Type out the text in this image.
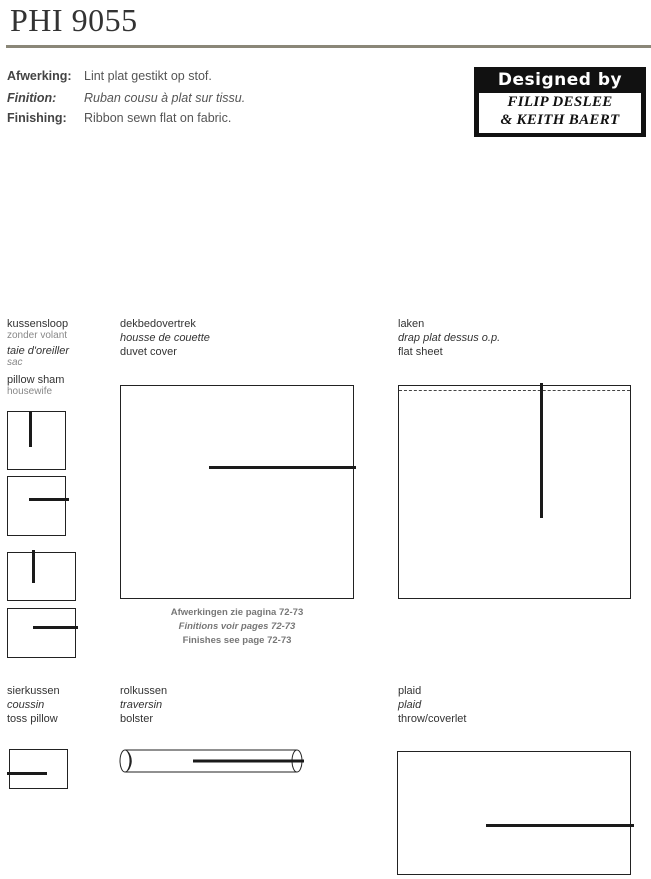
PHI 9055
Afwerking: Lint plat gestikt op stof.
Finition: Ruban cousu à plat sur tissu.
Finishing: Ribbon sewn flat on fabric.
Designed by
FILIP DESLEE
& KEITH BAERT
kussensloop
zonder volant
taie d'oreiller
sac
pillow sham
housewife
dekbedovertrek
housse de couette
duvet cover
Afwerkingen zie pagina 72-73
Finitions voir pages 72-73
Finishes see page 72-73
laken
drap plat dessus o.p.
flat sheet
sierkussen
coussin
toss pillow
rolkussen
traversin
bolster
plaid
plaid
throw/coverlet
